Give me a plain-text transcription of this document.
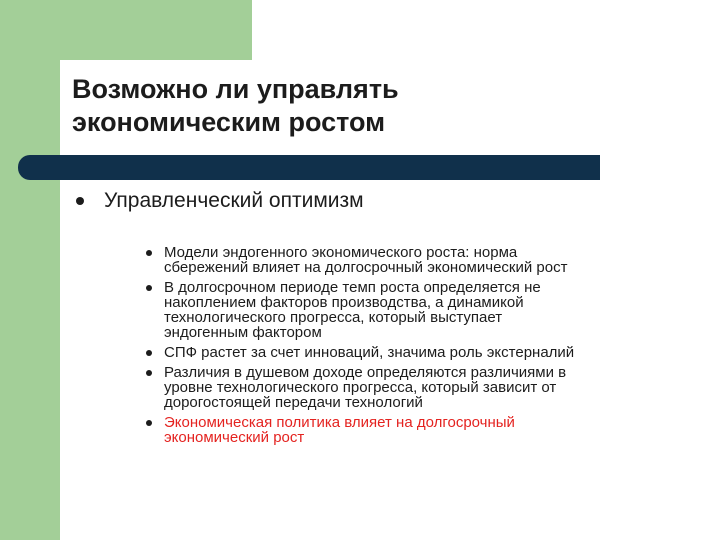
Возможно ли управлять
экономическим ростом
Управленческий оптимизм
Модели эндогенного экономического роста: норма
сбережений влияет на долгосрочный экономический рост
В долгосрочном периоде темп роста определяется не
накоплением факторов производства, а динамикой
технологического прогресса, который выступает
эндогенным фактором
СПФ растет за счет инноваций, значима роль экстерналий
Различия в душевом доходе определяются различиями в
уровне технологического прогресса, который зависит от
дорогостоящей передачи технологий
Экономическая политика влияет на долгосрочный
экономический рост
